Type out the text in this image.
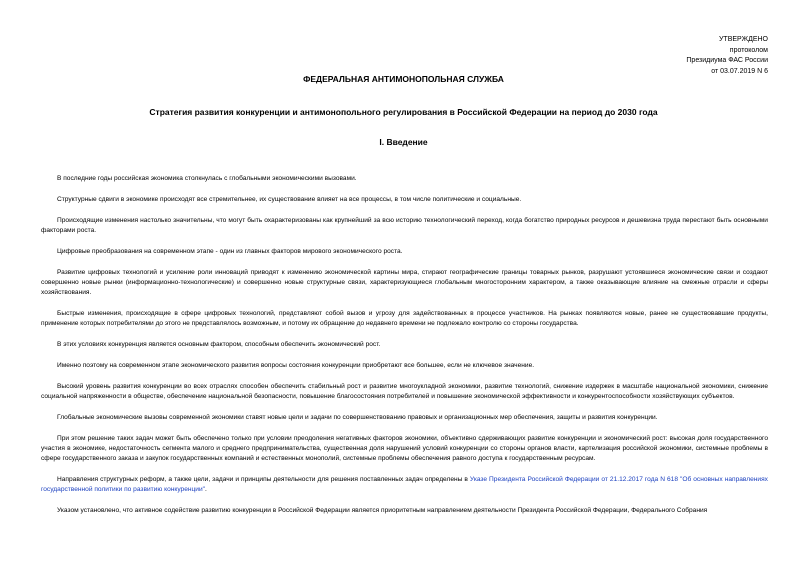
УТВЕРЖДЕНО
протоколом
Президиума ФАС России
от 03.07.2019 N 6
ФЕДЕРАЛЬНАЯ АНТИМОНОПОЛЬНАЯ СЛУЖБА
Стратегия развития конкуренции и антимонопольного регулирования в Российской Федерации на период до 2030 года
I. Введение

В последние годы российская экономика столкнулась с глобальными экономическими вызовами.

Структурные сдвиги в экономике происходят все стремительнее, их существование влияет на все процессы, в том числе политические и социальные.

Происходящие изменения настолько значительны, что могут быть охарактеризованы как крупнейший за всю историю технологический переход, когда богатство природных ресурсов и дешевизна труда перестают быть основными факторами роста.

Цифровые преобразования на современном этапе - один из главных факторов мирового экономического роста.

Развитие цифровых технологий и усиление роли инноваций приводят к изменению экономической картины мира, стирают географические границы товарных рынков, разрушают устоявшиеся экономические связи и создают совершенно новые рынки (информационно-технологические) и совершенно новые структурные связи, характеризующиеся глобальным многосторонним характером, а также оказывающие влияние на смежные отрасли и сферы хозяйствования.

Быстрые изменения, происходящие в сфере цифровых технологий, представляют собой вызов и угрозу для задействованных в процессе участников. На рынках появляются новые, ранее не существовавшие продукты, применение которых потребителями до этого не представлялось возможным, и потому их обращение до недавнего времени не подлежало контролю со стороны государства.

В этих условиях конкуренция является основным фактором, способным обеспечить экономический рост.

Именно поэтому на современном этапе экономического развития вопросы состояния конкуренции приобретают все большее, если не ключевое значение.

Высокий уровень развития конкуренции во всех отраслях способен обеспечить стабильный рост и развитие многоукладной экономики, развитие технологий, снижение издержек в масштабе национальной экономики, снижение социальной напряженности в обществе, обеспечение национальной безопасности, повышение благосостояния потребителей и повышение экономической эффективности и конкурентоспособности хозяйствующих субъектов.

Глобальные экономические вызовы современной экономики ставят новые цели и задачи по совершенствованию правовых и организационных мер обеспечения, защиты и развития конкуренции.

При этом решение таких задач может быть обеспечено только при условии преодоления негативных факторов экономики, объективно сдерживающих развитие конкуренции и экономический рост: высокая доля государственного участия в экономике, недостаточность сегмента малого и среднего предпринимательства, существенная доля нарушений условий конкуренции со стороны органов власти, картелизация российской экономики, системные проблемы в сфере государственного заказа и закупок государственных компаний и естественных монополий, системные проблемы обеспечения равного доступа к государственным ресурсам.

Направления структурных реформ, а также цели, задачи и принципы деятельности для решения поставленных задач определены в Указе Президента Российской Федерации от 21.12.2017 года N 618 "Об основных направлениях государственной политики по развитию конкуренции".

Указом установлено, что активное содействие развитию конкуренции в Российской Федерации является приоритетным направлением деятельности Президента Российской Федерации, Федерального Собрания
